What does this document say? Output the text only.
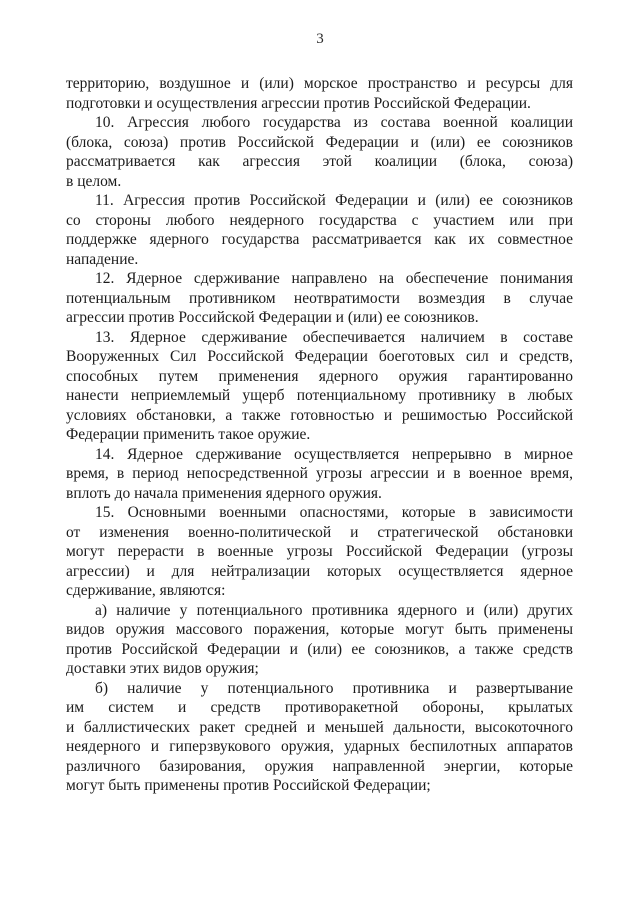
3
территорию, воздушное и (или) морское пространство и ресурсы для
подготовки и осуществления агрессии против Российской Федерации.
10. Агрессия любого государства из состава военной коалиции
(блока, союза) против Российской Федерации и (или) ее союзников
рассматривается как агрессия этой коалиции (блока, союза)
в целом.
11. Агрессия против Российской Федерации и (или) ее союзников
со стороны любого неядерного государства с участием или при
поддержке ядерного государства рассматривается как их совместное
нападение.
12. Ядерное сдерживание направлено на обеспечение понимания
потенциальным противником неотвратимости возмездия в случае
агрессии против Российской Федерации и (или) ее союзников.
13. Ядерное сдерживание обеспечивается наличием в составе
Вооруженных Сил Российской Федерации боеготовых сил и средств,
способных путем применения ядерного оружия гарантированно
нанести неприемлемый ущерб потенциальному противнику в любых
условиях обстановки, а также готовностью и решимостью Российской
Федерации применить такое оружие.
14. Ядерное сдерживание осуществляется непрерывно в мирное
время, в период непосредственной угрозы агрессии и в военное время,
вплоть до начала применения ядерного оружия.
15. Основными военными опасностями, которые в зависимости
от изменения военно-политической и стратегической обстановки
могут перерасти в военные угрозы Российской Федерации (угрозы
агрессии) и для нейтрализации которых осуществляется ядерное
сдерживание, являются:
а) наличие у потенциального противника ядерного и (или) других
видов оружия массового поражения, которые могут быть применены
против Российской Федерации и (или) ее союзников, а также средств
доставки этих видов оружия;
б) наличие у потенциального противника и развертывание
им систем и средств противоракетной обороны, крылатых
и баллистических ракет средней и меньшей дальности, высокоточного
неядерного и гиперзвукового оружия, ударных беспилотных аппаратов
различного базирования, оружия направленной энергии, которые
могут быть применены против Российской Федерации;
